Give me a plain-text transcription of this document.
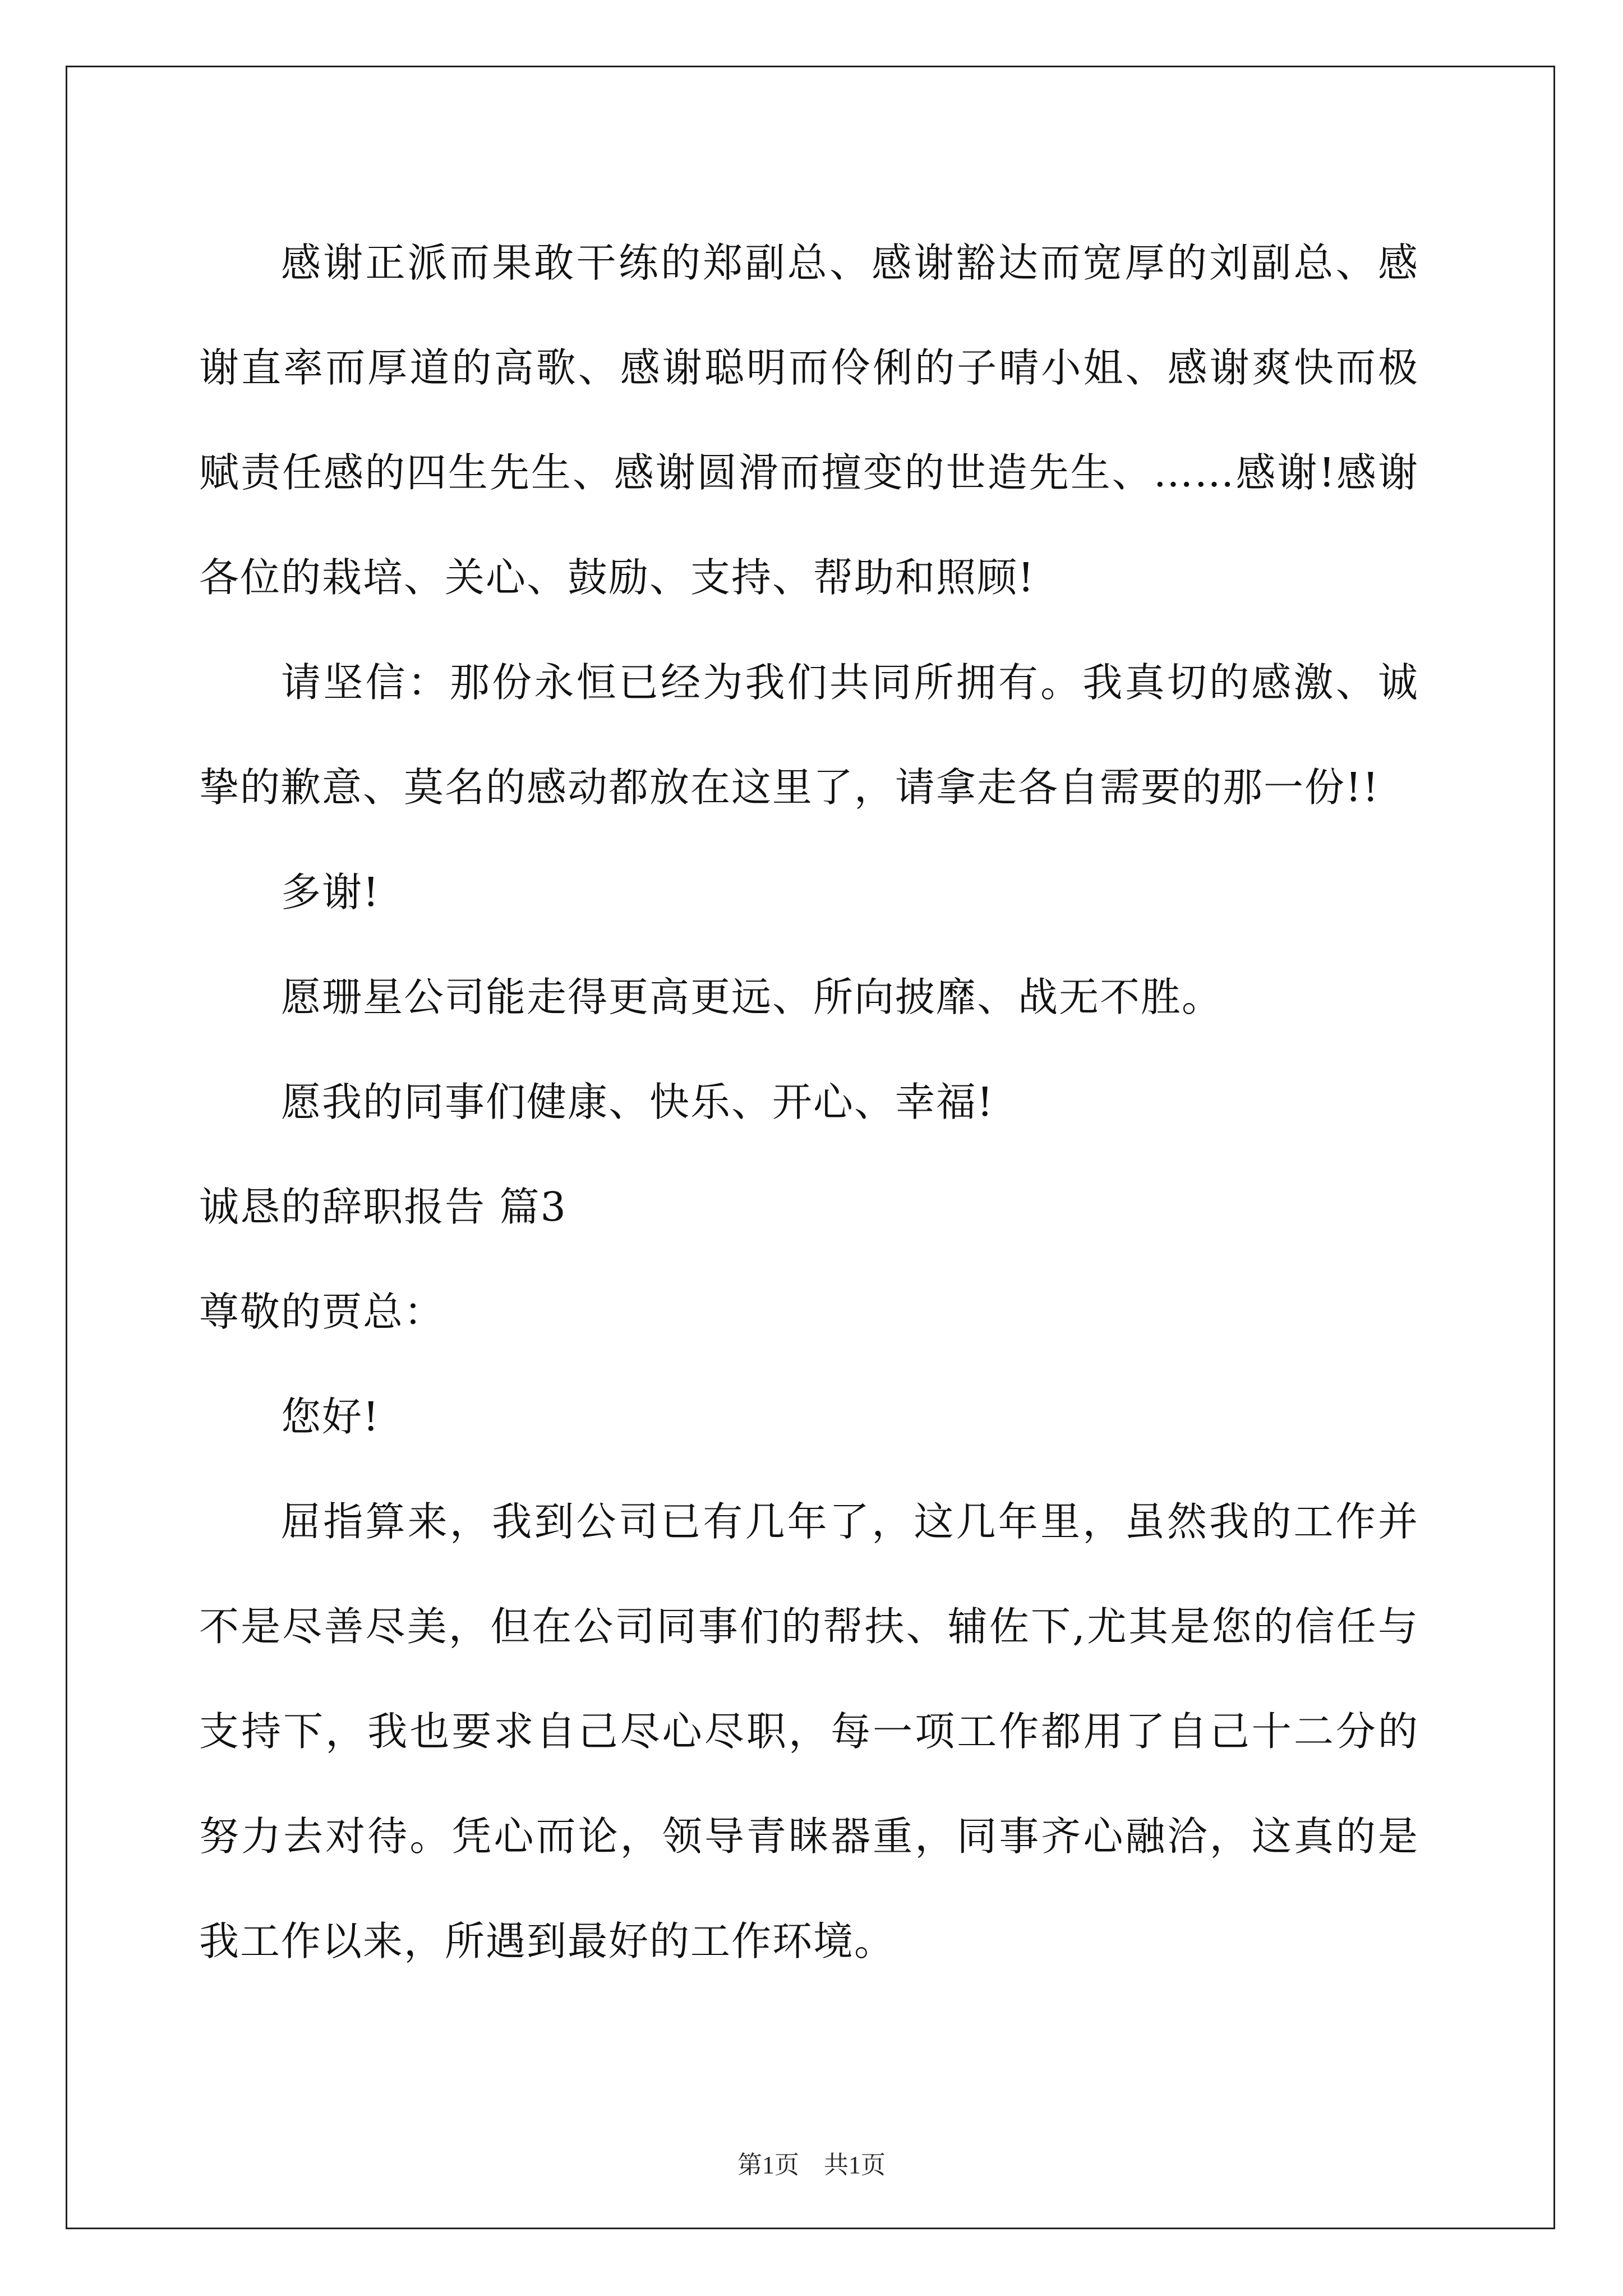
感谢正派而果敢干练的郑副总、感谢豁达而宽厚的刘副总、感谢直率而厚道的高歌、感谢聪明而伶俐的子晴小姐、感谢爽快而极赋责任感的四生先生、感谢圆滑而擅变的世造先生、……感谢!感谢各位的栽培、关心、鼓励、支持、帮助和照顾!

请坚信：那份永恒已经为我们共同所拥有。我真切的感激、诚挚的歉意、莫名的感动都放在这里了，请拿走各自需要的那一份!!

多谢!

愿珊星公司能走得更高更远、所向披靡、战无不胜。

愿我的同事们健康、快乐、开心、幸福!

诚恳的辞职报告 篇3

尊敬的贾总：

您好!

屈指算来，我到公司已有几年了，这几年里，虽然我的工作并不是尽善尽美，但在公司同事们的帮扶、辅佐下,尤其是您的信任与支持下，我也要求自己尽心尽职，每一项工作都用了自己十二分的努力去对待。凭心而论，领导青睐器重，同事齐心融洽，这真的是我工作以来，所遇到最好的工作环境。

第1页　共1页
